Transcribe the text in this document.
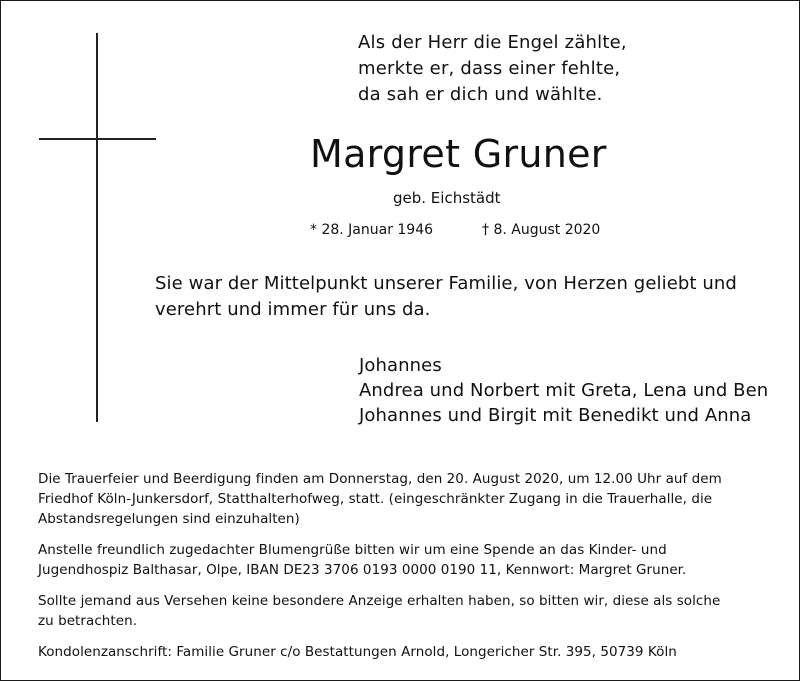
Als der Herr die Engel zählte,
merkte er, dass einer fehlte,
da sah er dich und wählte.
Margret Gruner
geb. Eichstädt
* 28. Januar 1946	† 8. August 2020
Sie war der Mittelpunkt unserer Familie, von Herzen geliebt und
verehrt und immer für uns da.
Johannes
Andrea und Norbert mit Greta, Lena und Ben
Johannes und Birgit mit Benedikt und Anna

Die Trauerfeier und Beerdigung finden am Donnerstag, den 20. August 2020, um 12.00 Uhr auf dem
Friedhof Köln-Junkersdorf, Statthalterhofweg, statt. (eingeschränkter Zugang in die Trauerhalle, die
Abstandsregelungen sind einzuhalten)

Anstelle freundlich zugedachter Blumengrüße bitten wir um eine Spende an das Kinder- und
Jugendhospiz Balthasar, Olpe, IBAN DE23 3706 0193 0000 0190 11, Kennwort: Margret Gruner.

Sollte jemand aus Versehen keine besondere Anzeige erhalten haben, so bitten wir, diese als solche
zu betrachten.

Kondolenzanschrift: Familie Gruner c/o Bestattungen Arnold, Longericher Str. 395, 50739 Köln
